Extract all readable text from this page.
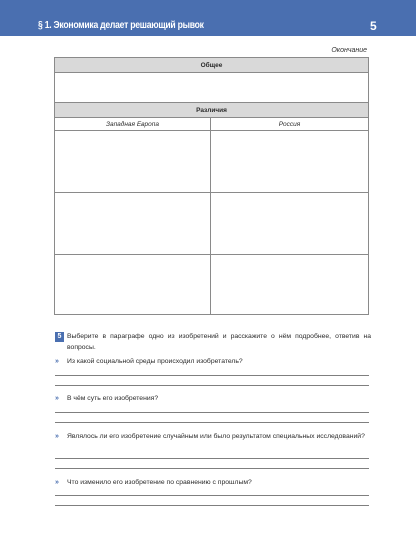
§ 1. Экономика делает решающий рывок	5
Окончание
Общее
Различия
Западная Европа	Россия
5 Выберите в параграфе одно из изобретений и расскажите о нём подробнее, ответив на вопросы.
» Из какой социальной среды происходил изобретатель?
» В чём суть его изобретения?
» Являлось ли его изобретение случайным или было результатом специальных исследований?
» Что изменило его изобретение по сравнению с прошлым?
